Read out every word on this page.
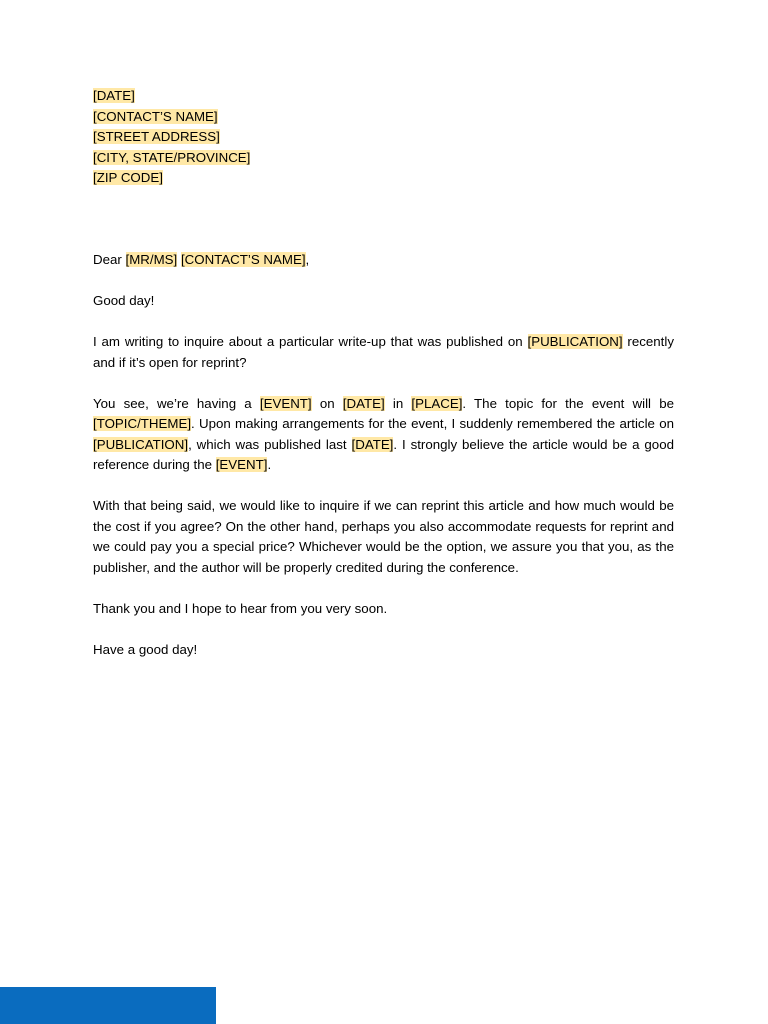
[DATE]

[CONTACT’S NAME]

[STREET ADDRESS]

[CITY, STATE/PROVINCE]

[ZIP CODE]

Dear [MR/MS] [CONTACT’S NAME],

Good day!

I am writing to inquire about a particular write-up that was published on [PUBLICATION] recently and if it’s open for reprint?

You see, we’re having a [EVENT] on [DATE] in [PLACE]. The topic for the event will be [TOPIC/THEME]. Upon making arrangements for the event, I suddenly remembered the article on [PUBLICATION], which was published last [DATE]. I strongly believe the article would be a good reference during the [EVENT].

With that being said, we would like to inquire if we can reprint this article and how much would be the cost if you agree? On the other hand, perhaps you also accommodate requests for reprint and we could pay you a special price? Whichever would be the option, we assure you that you, as the publisher, and the author will be properly credited during the conference.

Thank you and I hope to hear from you very soon.

Have a good day!
